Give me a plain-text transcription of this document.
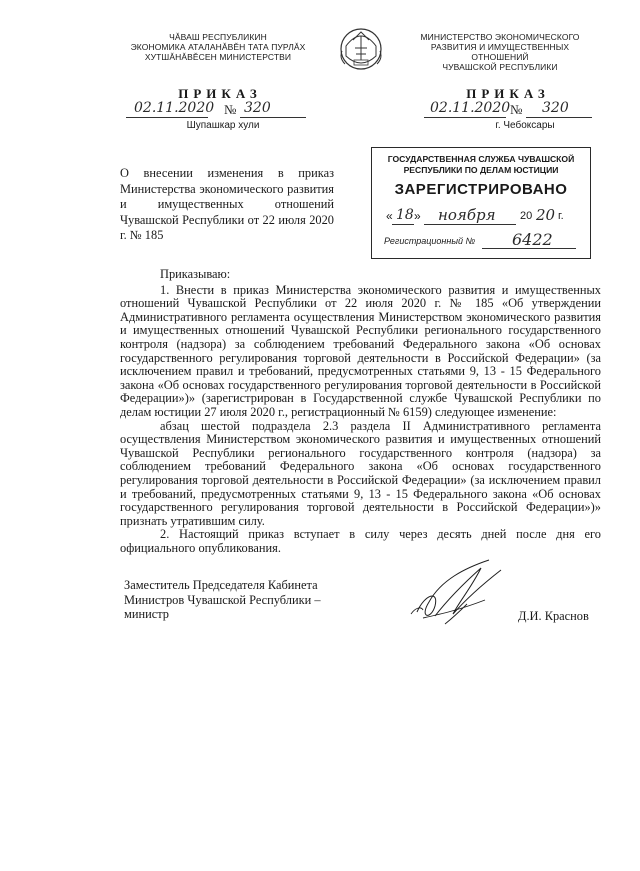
ЧĂВАШ РЕСПУБЛИКИН
ЭКОНОМИКА АТАЛАНĂВĔН ТАТА ПУРЛĂХ
ХУТШĂНĂВĔСЕН МИНИСТЕРСТВИ
ПРИКАЗ
02.11.2020 № 320
Шупашкар хули
МИНИСТЕРСТВО ЭКОНОМИЧЕСКОГО
РАЗВИТИЯ И ИМУЩЕСТВЕННЫХ ОТНОШЕНИЙ
ЧУВАШСКОЙ РЕСПУБЛИКИ
ПРИКАЗ
02.11.2020 № 320
г. Чебоксары
О внесении изменения в приказ Министерства экономического развития и имущественных отношений Чувашской Республики от 22 июля 2020 г. № 185
ГОСУДАРСТВЕННАЯ СЛУЖБА ЧУВАШСКОЙ
РЕСПУБЛИКИ ПО ДЕЛАМ ЮСТИЦИИ
ЗАРЕГИСТРИРОВАНО
« 18 » ноября 20 20 г.
Регистрационный № 6422

Приказываю:

1. Внести в приказ Министерства экономического развития и имущественных отношений Чувашской Республики от 22 июля 2020 г. № 185 «Об утверждении Административного регламента осуществления Министерством экономического развития и имущественных отношений Чувашской Республики регионального государственного контроля (надзора) за соблюдением требований Федерального закона «Об основах государственного регулирования торговой деятельности в Российской Федерации» (за исключением правил и требований, предусмотренных статьями 9, 13 - 15 Федерального закона «Об основах государственного регулирования торговой деятельности в Российской Федерации»)» (зарегистрирован в Государственной службе Чувашской Республики по делам юстиции 27 июля 2020 г., регистрационный № 6159) следующее изменение:

абзац шестой подраздела 2.3 раздела II Административного регламента осуществления Министерством экономического развития и имущественных отношений Чувашской Республики регионального государственного контроля (надзора) за соблюдением требований Федерального закона «Об основах государственного регулирования торговой деятельности в Российской Федерации» (за исключением правил и требований, предусмотренных статьями 9, 13 - 15 Федерального закона «Об основах государственного регулирования торговой деятельности в Российской Федерации»)» признать утратившим силу.

2. Настоящий приказ вступает в силу через десять дней после дня его официального опубликования.

Заместитель Председателя Кабинета
Министров Чувашской Республики –
министр	Д.И. Краснов
